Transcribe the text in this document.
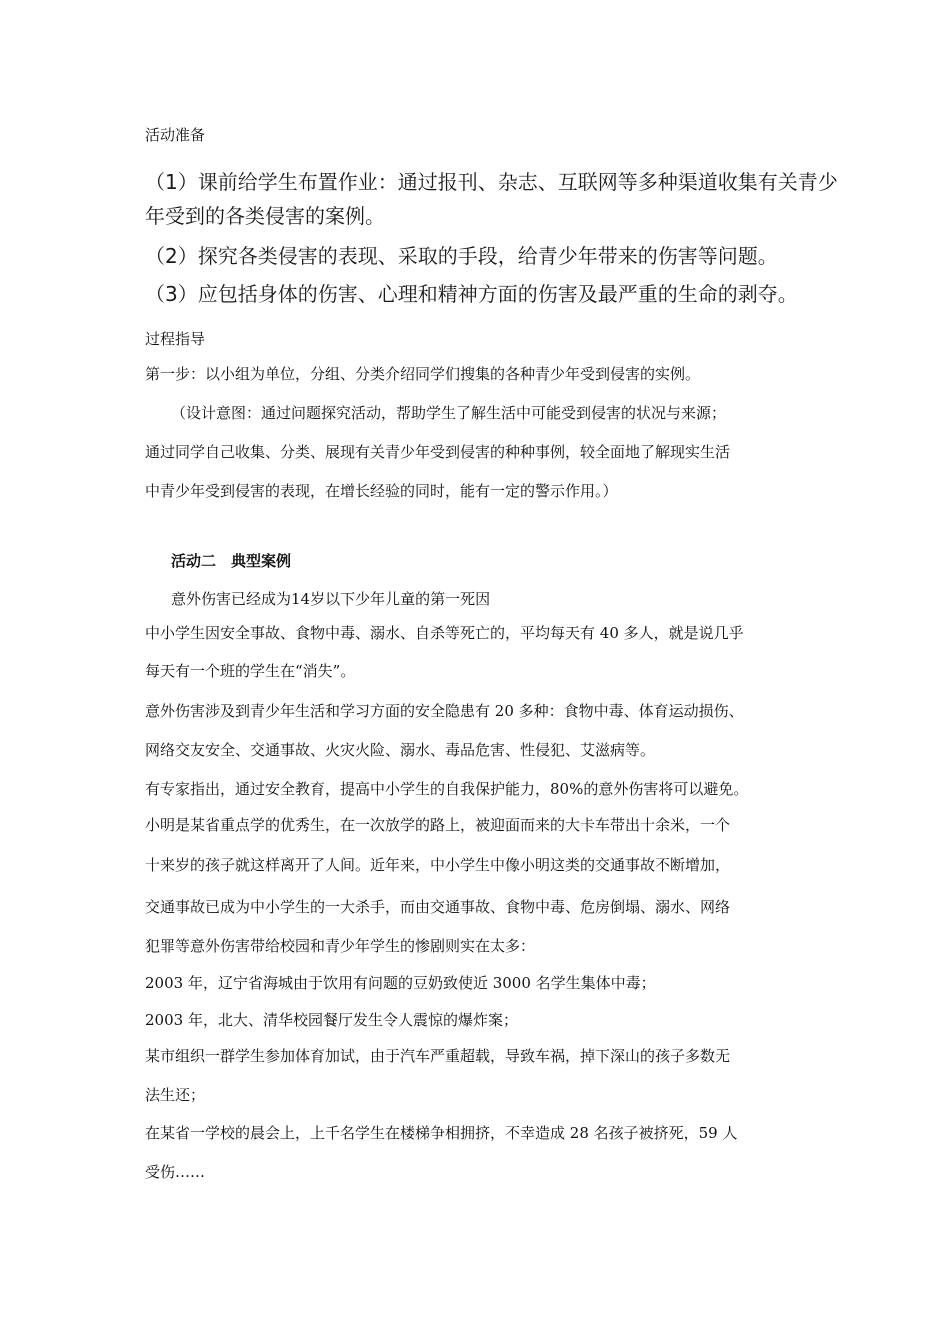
活动准备
（1）课前给学生布置作业：通过报刊、杂志、互联网等多种渠道收集有关青少
年受到的各类侵害的案例。
（2）探究各类侵害的表现、采取的手段，给青少年带来的伤害等问题。
（3）应包括身体的伤害、心理和精神方面的伤害及最严重的生命的剥夺。
过程指导
第一步：以小组为单位，分组、分类介绍同学们搜集的各种青少年受到侵害的实例。
（设计意图：通过问题探究活动，帮助学生了解生活中可能受到侵害的状况与来源；
通过同学自己收集、分类、展现有关青少年受到侵害的种种事例，较全面地了解现实生活
中青少年受到侵害的表现，在增长经验的同时，能有一定的警示作用。）
活动二　典型案例
意外伤害已经成为14岁以下少年儿童的第一死因
中小学生因安全事故、食物中毒、溺水、自杀等死亡的，平均每天有 40 多人，就是说几乎
每天有一个班的学生在“消失”。
意外伤害涉及到青少年生活和学习方面的安全隐患有 20 多种：食物中毒、体育运动损伤、
网络交友安全、交通事故、火灾火险、溺水、毒品危害、性侵犯、艾滋病等。
有专家指出，通过安全教育，提高中小学生的自我保护能力，80%的意外伤害将可以避免。
小明是某省重点学的优秀生，在一次放学的路上，被迎面而来的大卡车带出十余米，一个
十来岁的孩子就这样离开了人间。近年来，中小学生中像小明这类的交通事故不断增加，
交通事故已成为中小学生的一大杀手，而由交通事故、食物中毒、危房倒塌、溺水、网络
犯罪等意外伤害带给校园和青少年学生的惨剧则实在太多：
2003 年，辽宁省海城由于饮用有问题的豆奶致使近 3000 名学生集体中毒；
2003 年，北大、清华校园餐厅发生令人震惊的爆炸案；
某市组织一群学生参加体育加试，由于汽车严重超载，导致车祸，掉下深山的孩子多数无
法生还；
在某省一学校的晨会上，上千名学生在楼梯争相拥挤，不幸造成 28 名孩子被挤死，59 人
受伤……
